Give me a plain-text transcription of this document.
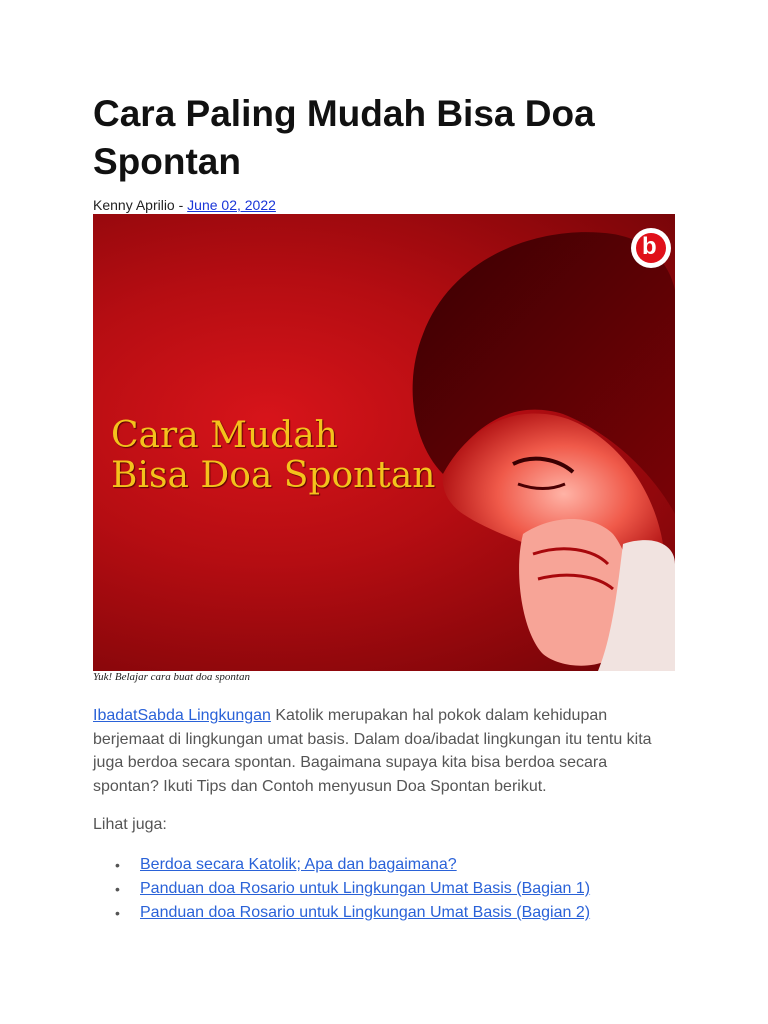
Cara Paling Mudah Bisa Doa Spontan
Kenny Aprilio - June 02, 2022
b
Cara Mudah
Bisa Doa Spontan
Yuk! Belajar cara buat doa spontan

IbadatSabda Lingkungan Katolik merupakan hal pokok dalam kehidupan berjemaat di lingkungan umat basis. Dalam doa/ibadat lingkungan itu tentu kita juga berdoa secara spontan. Bagaimana supaya kita bisa berdoa secara spontan? Ikuti Tips dan Contoh menyusun Doa Spontan berikut.

Lihat juga:

• Berdoa secara Katolik; Apa dan bagaimana?
• Panduan doa Rosario untuk Lingkungan Umat Basis (Bagian 1)
• Panduan doa Rosario untuk Lingkungan Umat Basis (Bagian 2)
